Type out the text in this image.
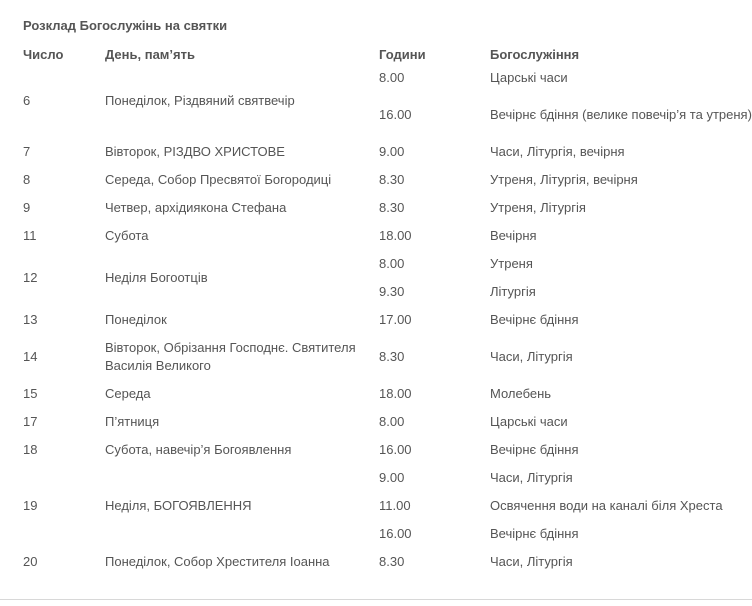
Розклад Богослужінь на святки
Число	День, пам’ять	Години	Богослужіння
6	Понеділок, Різдвяний святвечір	8.00	Царські часи
		16.00	Вечірнє бдіння (велике повечір’я та утреня)
7	Вівторок, РІЗДВО ХРИСТОВЕ	9.00	Часи, Літургія, вечірня
8	Середа, Собор Пресвятої Богородиці	8.30	Утреня, Літургія, вечірня
9	Четвер, архідиякона Стефана	8.30	Утреня, Літургія
11	Субота	18.00	Вечірня
12	Неділя Богоотців	8.00	Утреня
		9.30	Літургія
13	Понеділок	17.00	Вечірнє бдіння
14	Вівторок, Обрізання Господнє. Святителя Василія Великого	8.30	Часи, Літургія
15	Середа	18.00	Молебень
17	П’ятниця	8.00	Царські часи
18	Субота, навечір’я Богоявлення	16.00	Вечірнє бдіння
19	Неділя, БОГОЯВЛЕННЯ	9.00	Часи, Літургія
		11.00	Освячення води на каналі біля Хреста
		16.00	Вечірнє бдіння
20	Понеділок, Собор Хрестителя Іоанна	8.30	Часи, Літургія
